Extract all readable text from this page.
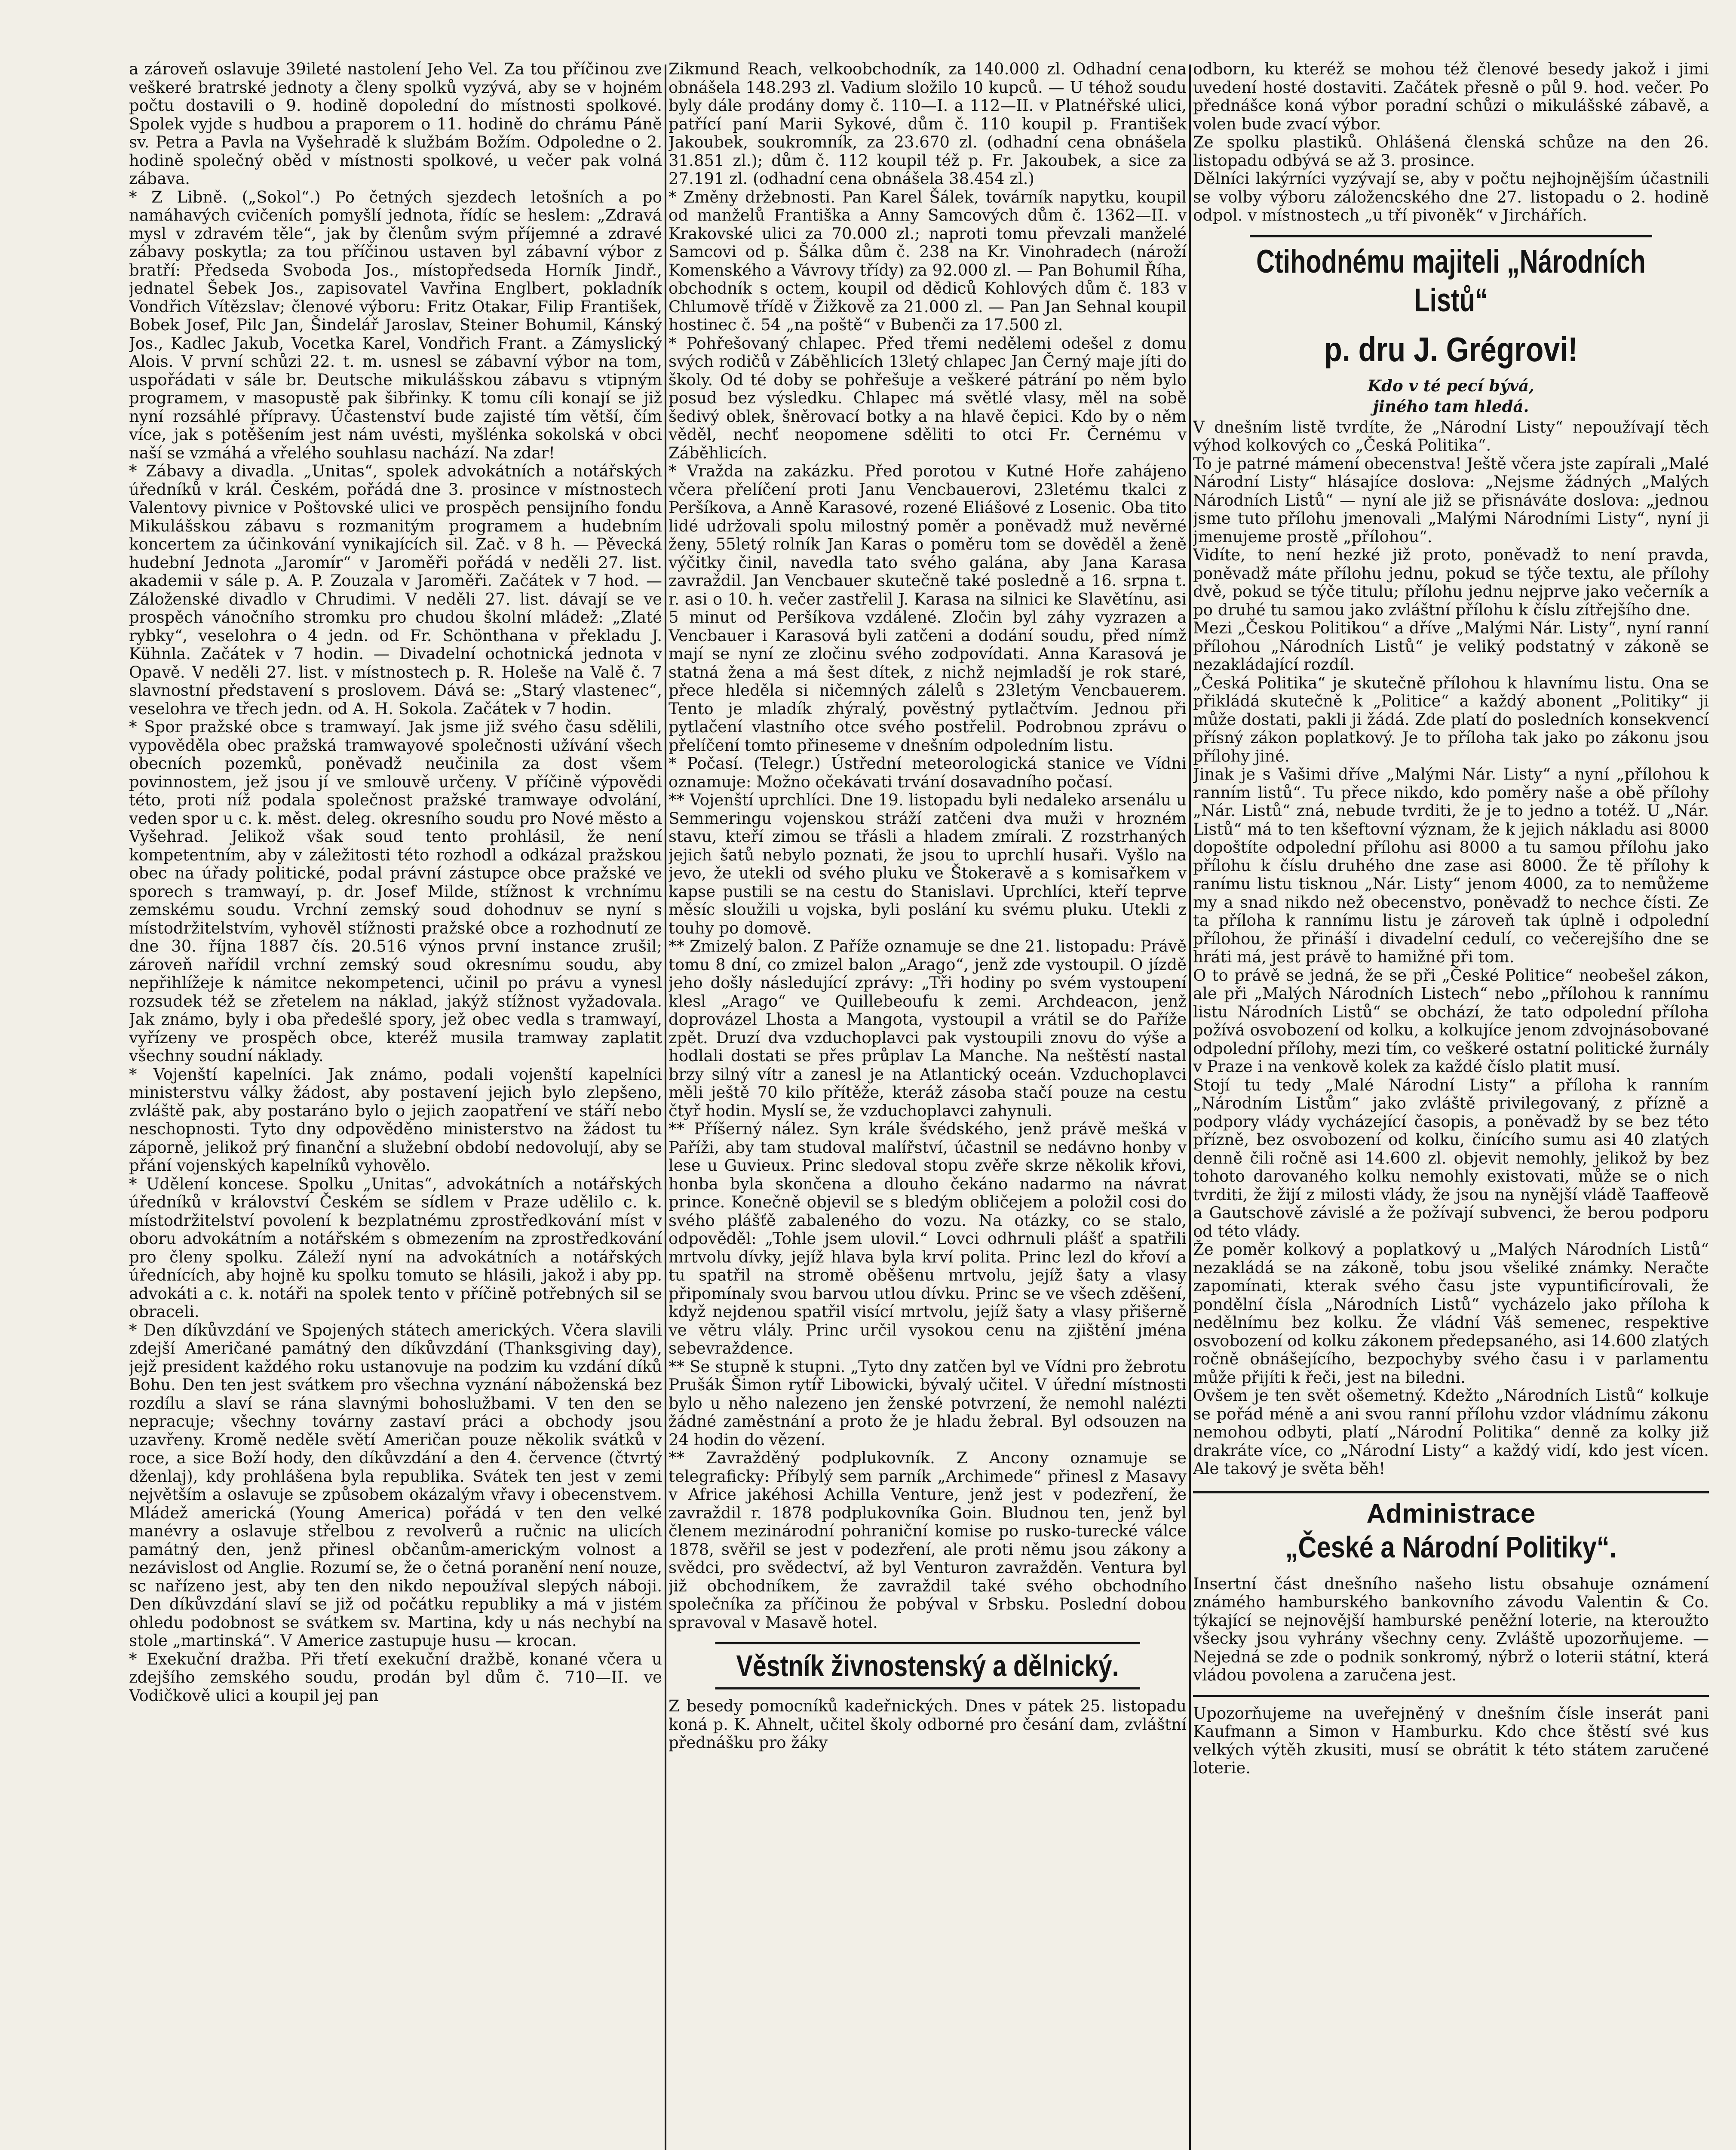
a zároveň oslavuje 39ileté nastolení Jeho Vel. Za tou příčinou zve veškeré bratrské jednoty a členy spolků vyzývá, aby se v hojném počtu dostavili o 9. hodině dopolední do místnosti spolkové. Spolek vyjde s hudbou a praporem o 11. hodině do chrámu Páně sv. Petra a Pavla na Vyšehradě k službám Božím. Odpoledne o 2. hodině společný oběd v místnosti spolkové, u večer pak volná zábava.

* Z Libně. („Sokol“.) Po četných sjezdech letošních a po namáhavých cvičeních pomyšlí jednota, řídíc se heslem: „Zdravá mysl v zdravém těle“, jak by členům svým příjemné a zdravé zábavy poskytla; za tou příčinou ustaven byl zábavní výbor z bratří: Předseda Svoboda Jos., místopředseda Horník Jindř., jednatel Šebek Jos., zapisovatel Vavřina Englbert, pokladník Vondřich Vítězslav; členové výboru: Fritz Otakar, Filip František, Bobek Josef, Pilc Jan, Šindelář Jaroslav, Steiner Bohumil, Kánský Jos., Kadlec Jakub, Vocetka Karel, Vondřich Frant. a Zámyslický Alois. V první schůzi 22. t. m. usnesl se zábavní výbor na tom, uspořádati v sále br. Deutsche mikulášskou zábavu s vtipným programem, v masopustě pak šibřinky. K tomu cíli konají se již nyní rozsáhlé přípravy. Účastenství bude zajisté tím větší, čím více, jak s potěšením jest nám uvésti, myšlénka sokolská v obci naší se vzmáhá a vřelého souhlasu nachází. Na zdar!

* Zábavy a divadla. „Unitas“, spolek advokátních a notářských úředníků v král. Českém, pořádá dne 3. prosince v místnostech Valentovy pivnice v Poštovské ulici ve prospěch pensijního fondu Mikulášskou zábavu s rozmanitým programem a hudebním koncertem za účinkování vynikajících sil. Zač. v 8 h. — Pěvecká hudební Jednota „Jaromír“ v Jaroměři pořádá v neděli 27. list. akademii v sále p. A. P. Zouzala v Jaroměři. Začátek v 7 hod. — Záloženské divadlo v Chrudimi. V neděli 27. list. dávají se ve prospěch vánočního stromku pro chudou školní mládež: „Zlaté rybky“, veselohra o 4 jedn. od Fr. Schönthana v překladu J. Kühnla. Začátek v 7 hodin. — Divadelní ochotnická jednota v Opavě. V neděli 27. list. v místnostech p. R. Holeše na Valě č. 7 slavnostní představení s proslovem. Dává se: „Starý vlastenec“, veselohra ve třech jedn. od A. H. Sokola. Začátek v 7 hodin.

* Spor pražské obce s tramwayí. Jak jsme již svého času sdělili, vypověděla obec pražská tramwayové společnosti užívání všech obecních pozemků, poněvadž neučinila za dost všem povinnostem, jež jsou jí ve smlouvě určeny. V příčině výpovědi této, proti níž podala společnost pražské tramwaye odvolání, veden spor u c. k. měst. deleg. okresního soudu pro Nové město a Vyšehrad. Jelikož však soud tento prohlásil, že není kompetentním, aby v záležitosti této rozhodl a odkázal pražskou obec na úřady politické, podal právní zástupce obce pražské ve sporech s tramwayí, p. dr. Josef Milde, stížnost k vrchnímu zemskému soudu. Vrchní zemský soud dohodnuv se nyní s místodržitelstvím, vyhověl stížnosti pražské obce a rozhodnutí ze dne 30. října 1887 čís. 20.516 výnos první instance zrušil; zároveň nařídil vrchní zemský soud okresnímu soudu, aby nepřihlížeje k námitce nekompetenci, učinil po právu a vynesl rozsudek též se zřetelem na náklad, jakýž stížnost vyžadovala. Jak známo, byly i oba předešlé spory, jež obec vedla s tramwayí, vyřízeny ve prospěch obce, kteréž musila tramway zaplatit všechny soudní náklady.

* Vojenští kapelníci. Jak známo, podali vojenští kapelníci ministerstvu války žádost, aby postavení jejich bylo zlepšeno, zvláště pak, aby postaráno bylo o jejich zaopatření ve stáří nebo neschopnosti. Tyto dny odpověděno ministerstvo na žádost tu záporně, jelikož prý finanční a služební období nedovolují, aby se přání vojenských kapelníků vyhovělo.

* Udělení koncese. Spolku „Unitas“, advokátních a notářských úředníků v království Českém se sídlem v Praze udělilo c. k. místodržitelství povolení k bezplatnému zprostředkování míst v oboru advokátním a notářském s obmezením na zprostředkování pro členy spolku. Záleží nyní na advokátních a notářských úřednících, aby hojně ku spolku tomuto se hlásili, jakož i aby pp. advokáti a c. k. notáři na spolek tento v příčině potřebných sil se obraceli.

* Den díkůvzdání ve Spojených státech amerických. Včera slavili zdejší Američané památný den díkůvzdání (Thanksgiving day), jejž president každého roku ustanovuje na podzim ku vzdání díků Bohu. Den ten jest svátkem pro všechna vyznání náboženská bez rozdílu a slaví se rána slavnými bohoslužbami. V ten den se nepracuje; všechny továrny zastaví práci a obchody jsou uzavřeny. Kromě neděle světí Američan pouze několik svátků v roce, a sice Boží hody, den díkůvzdání a den 4. července (čtvrtý dženlaj), kdy prohlášena byla republika. Svátek ten jest v zemi největším a oslavuje se způsobem okázalým vřavy i obecenstvem. Mládež americká (Young America) pořádá v ten den velké manévry a oslavuje střelbou z revolverů a ručnic na ulicích památný den, jenž přinesl občanům-americkým volnost a nezávislost od Anglie. Rozumí se, že o četná poranění není nouze, sc nařízeno jest, aby ten den nikdo nepoužíval slepých náboji. Den díkůvzdání slaví se již od počátku republiky a má v jistém ohledu podobnost se svátkem sv. Martina, kdy u nás nechybí na stole „martinská“. V Americe zastupuje husu — krocan.

* Exekuční dražba. Při třetí exekuční dražbě, konané včera u zdejšího zemského soudu, prodán byl dům č. 710—II. ve Vodičkově ulici a koupil jej pan

Zikmund Reach, velkoobchodník, za 140.000 zl. Odhadní cena obnášela 148.293 zl. Vadium složilo 10 kupců. — U téhož soudu byly dále prodány domy č. 110—I. a 112—II. v Platnéřské ulici, patřící paní Marii Sykové, dům č. 110 koupil p. František Jakoubek, soukromník, za 23.670 zl. (odhadní cena obnášela 31.851 zl.); dům č. 112 koupil též p. Fr. Jakoubek, a sice za 27.191 zl. (odhadní cena obnášela 38.454 zl.)

* Změny držebnosti. Pan Karel Šálek, továrník napytku, koupil od manželů Františka a Anny Samcových dům č. 1362—II. v Krakovské ulici za 70.000 zl.; naproti tomu převzali manželé Samcovi od p. Šálka dům č. 238 na Kr. Vinohradech (nároží Komenského a Vávrovy třídy) za 92.000 zl. — Pan Bohumil Říha, obchodník s octem, koupil od dědiců Kohlových dům č. 183 v Chlumově třídě v Žižkově za 21.000 zl. — Pan Jan Sehnal koupil hostinec č. 54 „na poště“ v Bubenči za 17.500 zl.

* Pohřešovaný chlapec. Před třemi nedělemi odešel z domu svých rodičů v Záběhlicích 13letý chlapec Jan Černý maje jíti do školy. Od té doby se pohřešuje a veškeré pátrání po něm bylo posud bez výsledku. Chlapec má světlé vlasy, měl na sobě šedivý oblek, šněrovací botky a na hlavě čepici. Kdo by o něm věděl, nechť neopomene sděliti to otci Fr. Černému v Záběhlicích.

* Vražda na zakázku. Před porotou v Kutné Hoře zahájeno včera přelíčení proti Janu Vencbauerovi, 23letému tkalci z Peršíkova, a Anně Karasové, rozené Eliášové z Losenic. Oba tito lidé udržovali spolu milostný poměr a poněvadž muž nevěrné ženy, 55letý rolník Jan Karas o poměru tom se dověděl a ženě výčitky činil, navedla tato svého galána, aby Jana Karasa zavraždil. Jan Vencbauer skutečně také posledně a 16. srpna t. r. asi o 10. h. večer zastřelil J. Karasa na silnici ke Slavětínu, asi 5 minut od Peršíkova vzdálené. Zločin byl záhy vyzrazen a Vencbauer i Karasová byli zatčeni a dodání soudu, před nímž mají se nyní ze zločinu svého zodpovídati. Anna Karasová je statná žena a má šest dítek, z nichž nejmladší je rok staré, přece hleděla si ničemných zálelů s 23letým Vencbauerem. Tento je mladík zhýralý, pověstný pytlačtvím. Jednou při pytlačení vlastního otce svého postřelil. Podrobnou zprávu o přelíčení tomto přineseme v dnešním odpoledním listu.

* Počasí. (Telegr.) Ústřední meteorologická stanice ve Vídni oznamuje: Možno očekávati trvání dosavadního počasí.

** Vojenští uprchlíci. Dne 19. listopadu byli nedaleko arsenálu u Semmeringu vojenskou stráží zatčeni dva muži v hrozném stavu, kteří zimou se třásli a hladem zmírali. Z rozstrhaných jejich šatů nebylo poznati, že jsou to uprchlí husaři. Vyšlo na jevo, že utekli od svého pluku ve Štokeravě a s komisařkem v kapse pustili se na cestu do Stanislavi. Uprchlíci, kteří teprve měsíc sloužili u vojska, byli poslání ku svému pluku. Utekli z touhy po domově.

** Zmizelý balon. Z Paříže oznamuje se dne 21. listopadu: Právě tomu 8 dní, co zmizel balon „Arago“, jenž zde vystoupil. O jízdě jeho došly následující zprávy: „Tři hodiny po svém vystoupení klesl „Arago“ ve Quillebeoufu k zemi. Archdeacon, jenž doprovázel Lhosta a Mangota, vystoupil a vrátil se do Paříže zpět. Druzí dva vzduchoplavci pak vystoupili znovu do výše a hodlali dostati se přes průplav La Manche. Na neštěstí nastal brzy silný vítr a zanesl je na Atlantický oceán. Vzduchoplavci měli ještě 70 kilo přítěže, kteráž zásoba stačí pouze na cestu čtyř hodin. Myslí se, že vzduchoplavci zahynuli.

** Příšerný nález. Syn krále švédského, jenž právě mešká v Paříži, aby tam studoval malířství, účastnil se nedávno honby v lese u Guvieux. Princ sledoval stopu zvěře skrze několik křovi, honba byla skončena a dlouho čekáno nadarmo na návrat prince. Konečně objevil se s bledým obličejem a položil cosi do svého plášťě zabaleného do vozu. Na otázky, co se stalo, odpověděl: „Tohle jsem ulovil.“ Lovci odhrnuli plášť a spatřili mrtvolu dívky, jejíž hlava byla krví polita. Princ lezl do křoví a tu spatřil na stromě oběšenu mrtvolu, jejíž šaty a vlasy připomínaly svou barvou utlou dívku. Princ se ve všech zděšení, když nejdenou spatřil visící mrtvolu, jejíž šaty a vlasy přišerně ve větru vlály. Princ určil vysokou cenu na zjištění jména sebevraždence.

** Se stupně k stupni. „Tyto dny zatčen byl ve Vídni pro žebrotu Prušák Šimon rytíř Libowicki, bývalý učitel. V úřední místnosti bylo u něho nalezeno jen ženské potvrzení, že nemohl nalézti žádné zaměstnání a proto že je hladu žebral. Byl odsouzen na 24 hodin do vězení.

** Zavražděný podplukovník. Z Ancony oznamuje se telegraficky: Příbylý sem parník „Archimede“ přinesl z Masavy v Africe jakéhosi Achilla Venture, jenž jest v podezření, že zavraždil r. 1878 podplukovníka Goin. Bludnou ten, jenž byl členem mezinárodní pohraniční komise po rusko-turecké válce 1878, svěřil se jest v podezření, ale proti němu jsou zákony a svědci, pro svědectví, až byl Venturon zavražděn. Ventura byl již obchodníkem, že zavraždil také svého obchodního společníka za příčinou že pobýval v Srbsku. Poslední dobou spravoval v Masavě hotel.

Věstník živnostenský a dělnický.

Z besedy pomocníků kadeřnických. Dnes v pátek 25. listopadu koná p. K. Ahnelt, učitel školy odborné pro česání dam, zvláštní přednášku pro žáky

odborn, ku kteréž se mohou též členové besedy jakož i jimi uvedení hosté dostaviti. Začátek přesně o půl 9. hod. večer. Po přednášce koná výbor poradní schůzi o mikulášské zábavě, a volen bude zvací výbor.

Ze spolku plastiků. Ohlášená členská schůze na den 26. listopadu odbývá se až 3. prosince.

Dělníci lakýrníci vyzývají se, aby v počtu nejhojnějším účastnili se volby výboru záložencského dne 27. listopadu o 2. hodině odpol. v místnostech „u tří pivoněk“ v Jirchářích.

Ctihodnému majiteli „Národních Listů“
p. dru J. Grégrovi!
Kdo v té pecí bývá,
jiného tam hledá.

V dnešním listě tvrdíte, že „Národní Listy“ nepoužívají těch výhod kolkových co „Česká Politika“.

To je patrné mámení obecenstva! Ještě včera jste zapírali „Malé Národní Listy“ hlásajíce doslova: „Nejsme žádných „Malých Národních Listů“ — nyní ale již se přisnáváte doslova: „jednou jsme tuto přílohu jmenovali „Malými Národními Listy“, nyní ji jmenujeme prostě „přílohou“.

Vidíte, to není hezké již proto, poněvadž to není pravda, poněvadž máte přílohu jednu, pokud se týče textu, ale přílohy dvě, pokud se týče titulu; přílohu jednu nejprve jako večerník a po druhé tu samou jako zvláštní přílohu k číslu zítřejšího dne.

Mezi „Českou Politikou“ a dříve „Malými Nár. Listy“, nyní ranní přílohou „Národních Listů“ je veliký podstatný v zákoně se nezakládající rozdíl.

„Česká Politika“ je skutečně přílohou k hlavnímu listu. Ona se přikládá skutečně k „Politice“ a každý abonent „Politiky“ ji může dostati, pakli ji žádá. Zde platí do posledních konsekvencí přísný zákon poplatkový. Je to příloha tak jako po zákonu jsou přílohy jiné.

Jinak je s Vašimi dříve „Malými Nár. Listy“ a nyní „přílohou k ranním listů“. Tu přece nikdo, kdo poměry naše a obě přílohy „Nár. Listů“ zná, nebude tvrditi, že je to jedno a totéž. U „Nár. Listů“ má to ten kšeftovní význam, že k jejich nákladu asi 8000 dopoštíte odpolední přílohu asi 8000 a tu samou přílohu jako přílohu k číslu druhého dne zase asi 8000. Že tě přílohy k ranímu listu tisknou „Nár. Listy“ jenom 4000, za to nemůžeme my a snad nikdo než obecenstvo, poněvadž to nechce čísti. Ze ta příloha k rannímu listu je zároveň tak úplně i odpolední přílohou, že přináší i divadelní cedulí, co večerejšího dne se hráti má, jest právě to hamižné při tom.

O to právě se jedná, že se při „České Politice“ neobešel zákon, ale při „Malých Národních Listech“ nebo „přílohou k rannímu listu Národních Listů“ se obchází, že tato odpolední příloha požívá osvobození od kolku, a kolkujíce jenom zdvojnásobované odpolední přílohy, mezi tím, co veškeré ostatní politické žurnály v Praze i na venkově kolek za každé číslo platit musí.

Stojí tu tedy „Malé Národní Listy“ a příloha k ranním „Národním Listům“ jako zvláště privilegovaný, z přízně a podpory vlády vycházející časopis, a poněvadž by se bez této přízně, bez osvobození od kolku, činícího sumu asi 40 zlatých denně čili ročně asi 14.600 zl. objevit nemohly, jelikož by bez tohoto darovaného kolku nemohly existovati, může se o nich tvrditi, že žijí z milosti vlády, že jsou na nynější vládě Taaffeově a Gautschově závislé a že požívají subvenci, že berou podporu od této vlády.

Že poměr kolkový a poplatkový u „Malých Národních Listů“ nezakládá se na zákoně, tobu jsou všeliké známky. Neračte zapomínati, kterak svého času jste vypuntificírovali, že pondělní čísla „Národních Listů“ vycházelo jako příloha k nedělnímu bez kolku. Že vládní Váš semenec, respektive osvobození od kolku zákonem předepsaného, asi 14.600 zlatých ročně obnášejícího, bezpochyby svého času i v parlamentu může přijíti k řeči, jest na biledni.

Ovšem je ten svět ošemetný. Kdežto „Národních Listů“ kolkuje se pořád méně a ani svou ranní přílohu vzdor vládnímu zákonu nemohou odbyti, platí „Národní Politika“ denně za kolky již drakráte více, co „Národní Listy“ a každý vidí, kdo jest vícen. Ale takový je světa běh!

Administrace
„České a Národní Politiky“.

Insertní část dnešního našeho listu obsahuje oznámení známého hamburského bankovního závodu Valentin & Co. týkající se nejnovější hamburské peněžní loterie, na kteroužto všecky jsou vyhrány všechny ceny. Zvláště upozorňujeme. — Nejedná se zde o podnik sonkromý, nýbrž o loterii státní, která vládou povolena a zaručena jest.

Upozorňujeme na uveřejněný v dnešním čísle inserát pani Kaufmann a Simon v Hamburku. Kdo chce štěstí své kus velkých výtěh zkusiti, musí se obrátit k této státem zaručené loterie.
